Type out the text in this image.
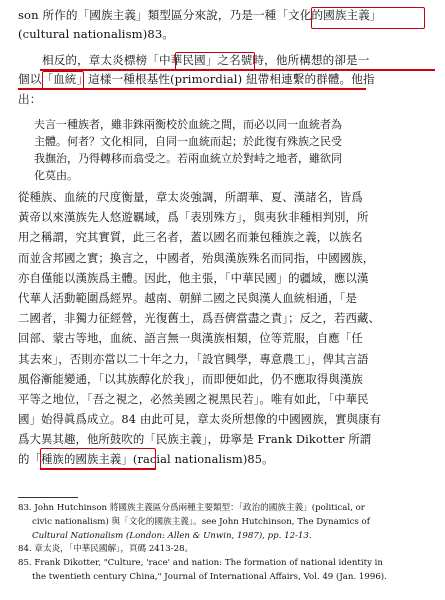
son 所作的「國族主義」類型區分來說，乃是一種「文化的國族主義」
(cultural nationalism)83。
相反的，章太炎標榜「中華民國」之名號時，他所構想的卻是一
個以「血統」這樣一種根基性(primordial) 紐帶相連繫的群體。他指
出：
夫言一種族者，雖非銖兩衡校於血統之間，而必以同一血統者為
主體。何者？文化相同，自同一血統而起；於此復有殊族之民受
我撫治，乃得轉移而翕受之。若兩血統立於對峙之地者，雖欲同
化莫由。
從種族、血統的尺度衡量，章太炎強調，所謂華、夏、漢諸名，皆爲
黃帝以來漢族先人悠遊羈域，爲「表別殊方」，與夷狄非種相判別，所
用之稱謂，究其實質，此三名者，蓋以國名而兼包種族之義，以族名
而並含邦國之實；換言之，中國者，殆與漢族殊名而同指，中國國族，
亦自僅能以漢族爲主體。因此，他主張，「中華民國」的疆域，應以漢
代華人活動範圍爲經界。越南、朝鮮二國之民與漢人血統相通，「是
二國者，非獨力征經營，光復舊土，爲吾儕當盡之責」；反之，若西藏、
回部、蒙古等地，血統、語言無一與漢族相類，位等荒服，自應「任
其去來」，否則亦當以二十年之力，「設官興學，專意農工」，俾其言語
風俗漸能變通，「以其族醇化於我」，而即便如此，仍不應取得與漢族
平等之地位，「吾之視之，必然美國之視黑民若」。唯有如此，「中華民
國」始得眞爲成立。84 由此可見，章太炎所想像的中國國族，實與康有
爲大異其趣，他所鼓吹的「民族主義」，毋寧是 Frank Dikotter 所謂
的「種族的國族主義」(racial nationalism)85。
83. John Hutchinson 將國族主義區分爲兩種主要類型：「政治的國族主義」(political, or
civic nationalism) 與「文化的國族主義」。see John Hutchinson, The Dynamics of
Cultural Nationalism (London: Allen & Unwin, 1987), pp. 12-13.
84. 章太炎，「中華民國解」，頁碼 2413-28。
85. Frank Dikotter, "Culture, 'race' and nation: The formation of national identity in
the twentieth century China," Journal of International Affairs, Vol. 49 (Jan. 1996).
